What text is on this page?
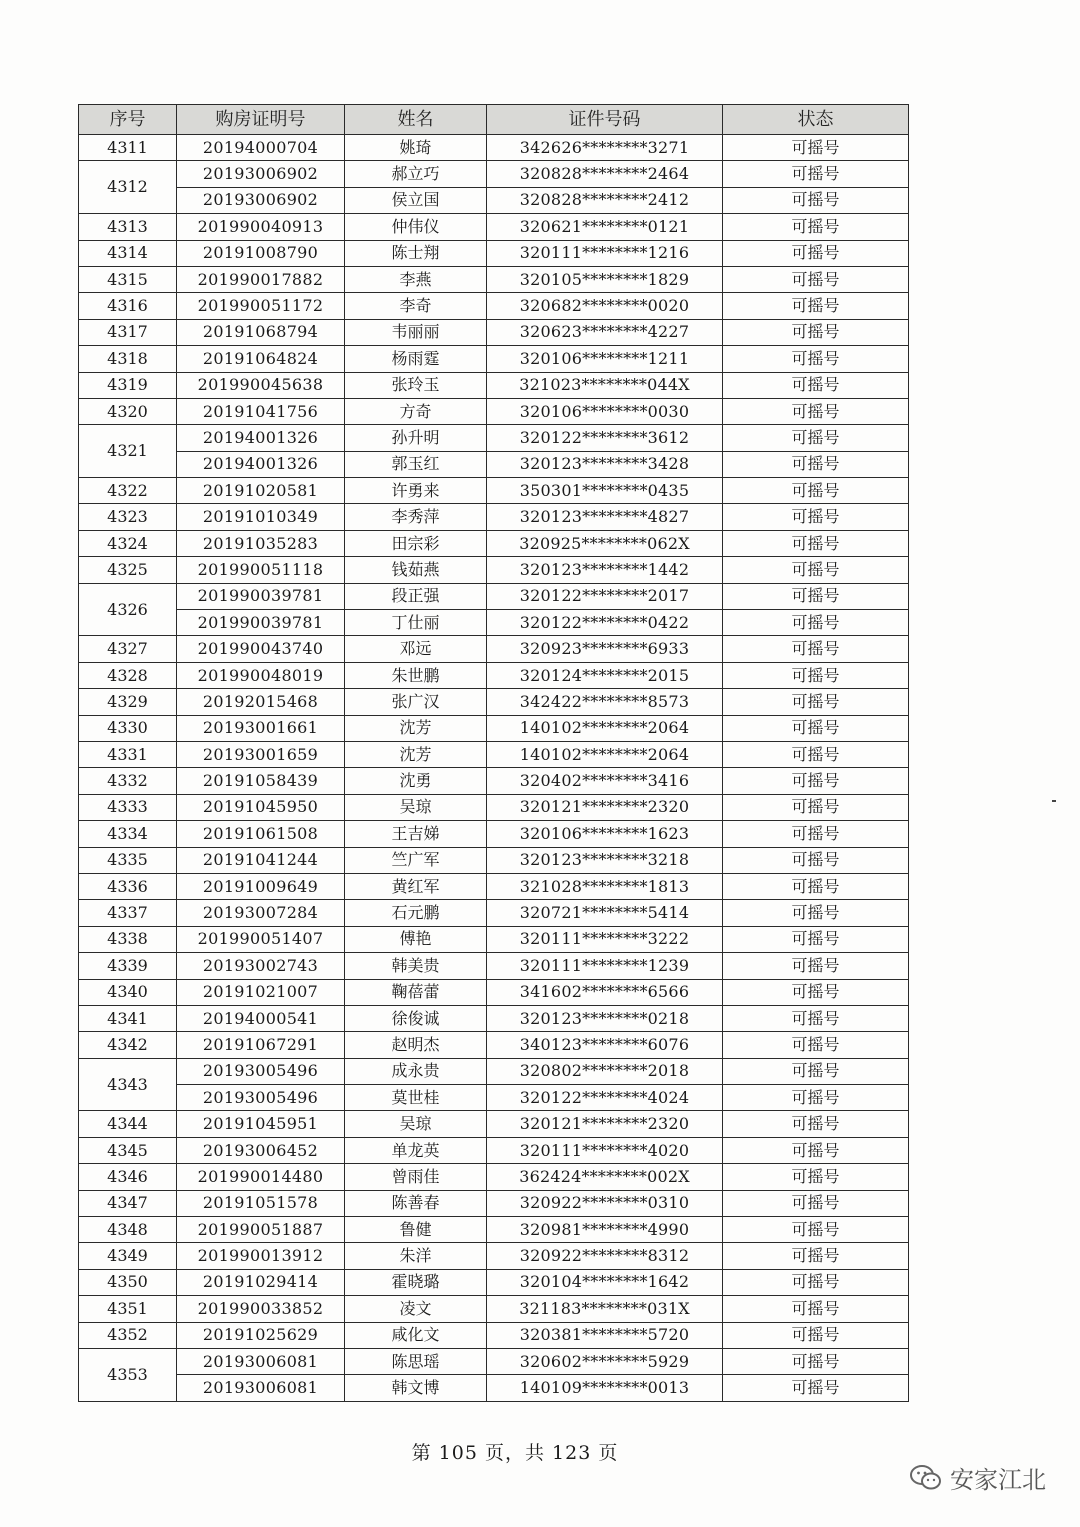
序号	购房证明号	姓名	证件号码	状态
4311	20194000704	姚琦	342626********3271	可摇号
4312	20193006902	郝立巧	320828********2464	可摇号
	20193006902	侯立国	320828********2412	可摇号
4313	201990040913	仲伟仪	320621********0121	可摇号
4314	20191008790	陈士翔	320111********1216	可摇号
4315	201990017882	李燕	320105********1829	可摇号
4316	201990051172	李奇	320682********0020	可摇号
4317	20191068794	韦丽丽	320623********4227	可摇号
4318	20191064824	杨雨霆	320106********1211	可摇号
4319	201990045638	张玲玉	321023********044X	可摇号
4320	20191041756	方奇	320106********0030	可摇号
4321	20194001326	孙升明	320122********3612	可摇号
	20194001326	郭玉红	320123********3428	可摇号
4322	20191020581	许勇来	350301********0435	可摇号
4323	20191010349	李秀萍	320123********4827	可摇号
4324	20191035283	田宗彩	320925********062X	可摇号
4325	201990051118	钱茹燕	320123********1442	可摇号
4326	201990039781	段正强	320122********2017	可摇号
	201990039781	丁仕丽	320122********0422	可摇号
4327	201990043740	邓远	320923********6933	可摇号
4328	201990048019	朱世鹏	320124********2015	可摇号
4329	20192015468	张广汉	342422********8573	可摇号
4330	20193001661	沈芳	140102********2064	可摇号
4331	20193001659	沈芳	140102********2064	可摇号
4332	20191058439	沈勇	320402********3416	可摇号
4333	20191045950	吴琼	320121********2320	可摇号
4334	20191061508	王吉娣	320106********1623	可摇号
4335	20191041244	竺广军	320123********3218	可摇号
4336	20191009649	黄红军	321028********1813	可摇号
4337	20193007284	石元鹏	320721********5414	可摇号
4338	201990051407	傅艳	320111********3222	可摇号
4339	20193002743	韩美贵	320111********1239	可摇号
4340	20191021007	鞠蓓蕾	341602********6566	可摇号
4341	20194000541	徐俊诚	320123********0218	可摇号
4342	20191067291	赵明杰	340123********6076	可摇号
4343	20193005496	成永贵	320802********2018	可摇号
	20193005496	莫世桂	320122********4024	可摇号
4344	20191045951	吴琼	320121********2320	可摇号
4345	20193006452	单龙英	320111********4020	可摇号
4346	201990014480	曾雨佳	362424********002X	可摇号
4347	20191051578	陈善春	320922********0310	可摇号
4348	201990051887	鲁健	320981********4990	可摇号
4349	201990013912	朱洋	320922********8312	可摇号
4350	20191029414	霍晓璐	320104********1642	可摇号
4351	201990033852	凌文	321183********031X	可摇号
4352	20191025629	咸化文	320381********5720	可摇号
4353	20193006081	陈思瑶	320602********5929	可摇号
	20193006081	韩文博	140109********0013	可摇号
第 105 页，共 123 页
安家江北
